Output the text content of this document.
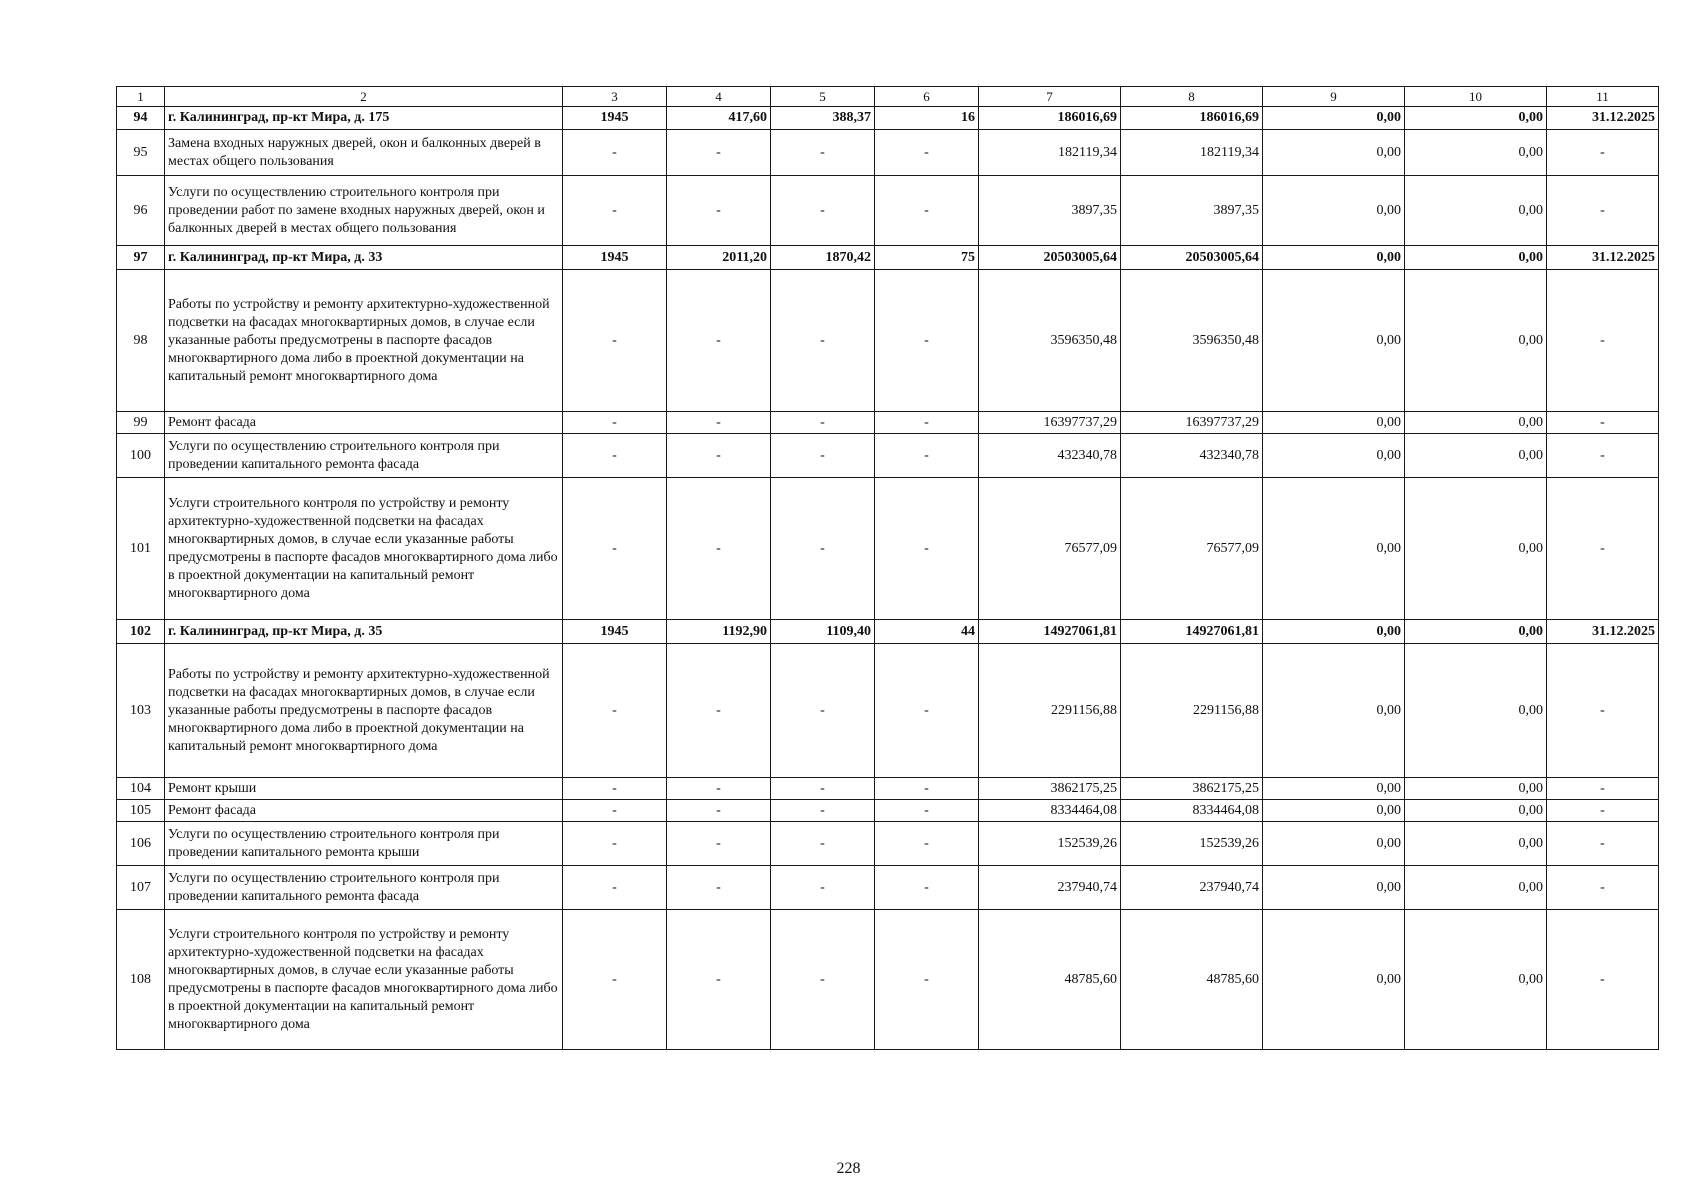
1	2	3	4	5	6	7	8	9	10	11
94	г. Калининград, пр-кт Мира, д. 175	1945	417,60	388,37	16	186016,69	186016,69	0,00	0,00	31.12.2025
95	Замена входных наружных дверей, окон и балконных дверей в местах общего пользования	-	-	-	-	182119,34	182119,34	0,00	0,00	-
96	Услуги по осуществлению строительного контроля при проведении работ по замене входных наружных дверей, окон и балконных дверей в местах общего пользования	-	-	-	-	3897,35	3897,35	0,00	0,00	-
97	г. Калининград, пр-кт Мира, д. 33	1945	2011,20	1870,42	75	20503005,64	20503005,64	0,00	0,00	31.12.2025
98	Работы по устройству и ремонту архитектурно-художественной подсветки на фасадах многоквартирных домов, в случае если указанные работы предусмотрены в паспорте фасадов многоквартирного дома либо в проектной документации на капитальный ремонт многоквартирного дома	-	-	-	-	3596350,48	3596350,48	0,00	0,00	-
99	Ремонт фасада	-	-	-	-	16397737,29	16397737,29	0,00	0,00	-
100	Услуги по осуществлению строительного контроля при проведении капитального ремонта фасада	-	-	-	-	432340,78	432340,78	0,00	0,00	-
101	Услуги строительного контроля по устройству и ремонту архитектурно-художественной подсветки на фасадах многоквартирных домов, в случае если указанные работы предусмотрены в паспорте фасадов многоквартирного дома либо в проектной документации на капитальный ремонт многоквартирного дома	-	-	-	-	76577,09	76577,09	0,00	0,00	-
102	г. Калининград, пр-кт Мира, д. 35	1945	1192,90	1109,40	44	14927061,81	14927061,81	0,00	0,00	31.12.2025
103	Работы по устройству и ремонту архитектурно-художественной подсветки на фасадах многоквартирных домов, в случае если указанные работы предусмотрены в паспорте фасадов многоквартирного дома либо в проектной документации на капитальный ремонт многоквартирного дома	-	-	-	-	2291156,88	2291156,88	0,00	0,00	-
104	Ремонт крыши	-	-	-	-	3862175,25	3862175,25	0,00	0,00	-
105	Ремонт фасада	-	-	-	-	8334464,08	8334464,08	0,00	0,00	-
106	Услуги по осуществлению строительного контроля при проведении капитального ремонта крыши	-	-	-	-	152539,26	152539,26	0,00	0,00	-
107	Услуги по осуществлению строительного контроля при проведении капитального ремонта фасада	-	-	-	-	237940,74	237940,74	0,00	0,00	-
108	Услуги строительного контроля по устройству и ремонту архитектурно-художественной подсветки на фасадах многоквартирных домов, в случае если указанные работы предусмотрены в паспорте фасадов многоквартирного дома либо в проектной документации на капитальный ремонт многоквартирного дома	-	-	-	-	48785,60	48785,60	0,00	0,00	-
228
